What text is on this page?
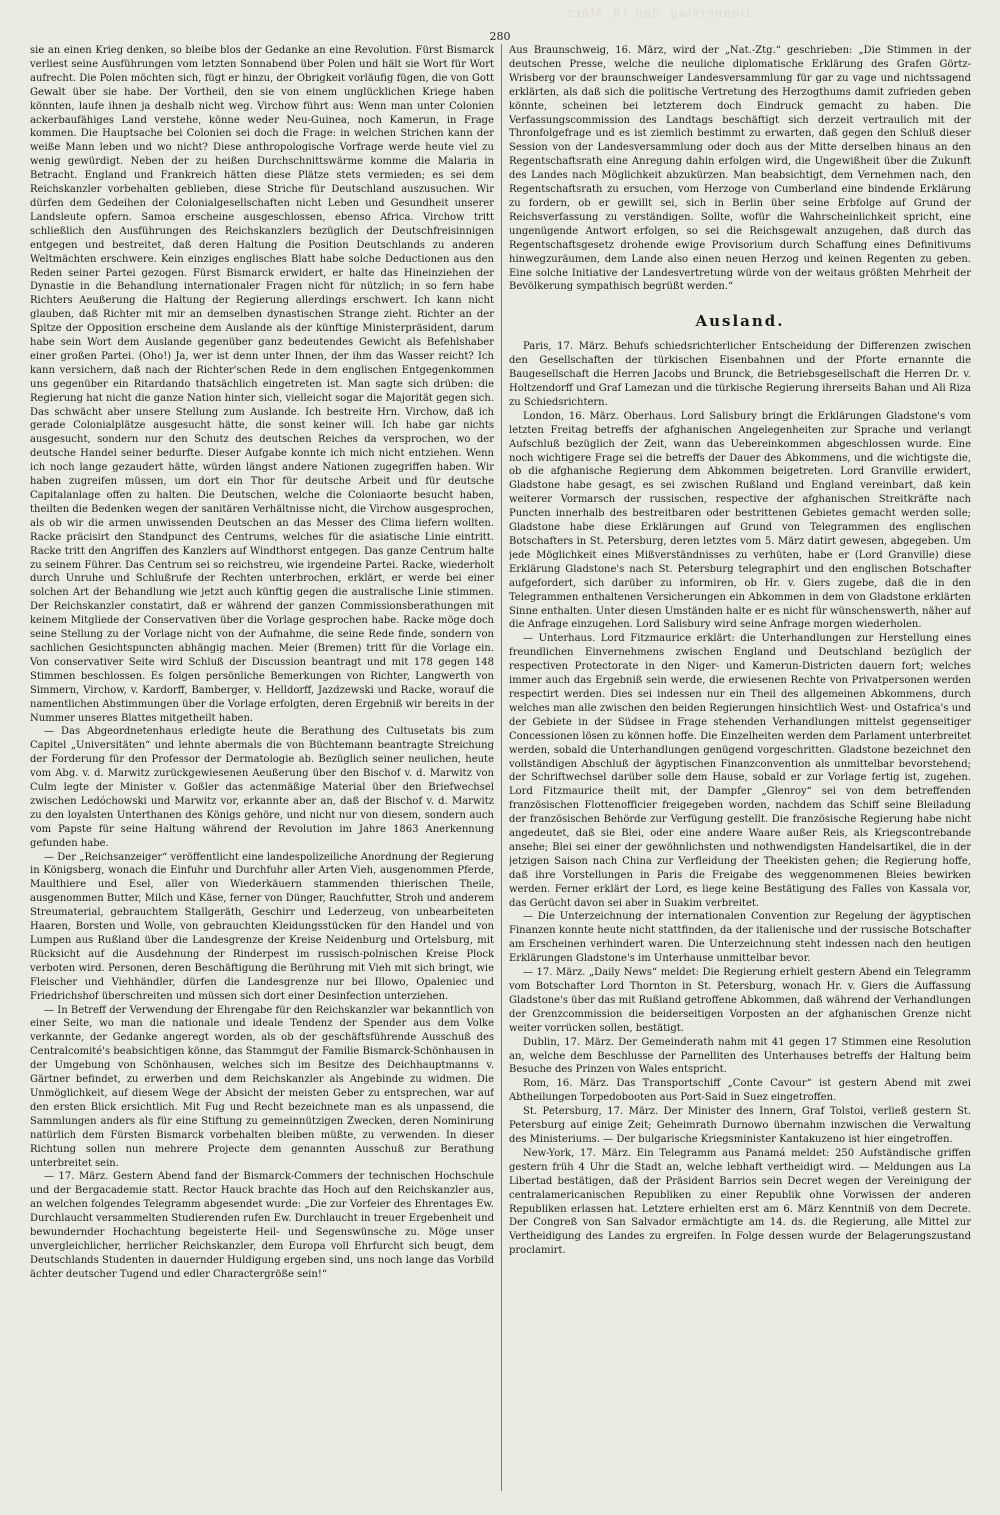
Donnerstag, den 18. März
280

sie an einen Krieg denken, so bleibe blos der Gedanke an eine Revolution. Fürst Bismarck verliest seine Ausführungen vom letzten Sonnabend über Polen und hält sie Wort für Wort aufrecht. Die Polen möchten sich, fügt er hinzu, der Obrigkeit vorläufig fügen, die von Gott Gewalt über sie habe. Der Vortheil, den sie von einem unglücklichen Kriege haben könnten, laufe ihnen ja deshalb nicht weg. Virchow führt aus: Wenn man unter Colonien ackerbaufähiges Land verstehe, könne weder Neu-Guinea, noch Kamerun, in Frage kommen. Die Hauptsache bei Colonien sei doch die Frage: in welchen Strichen kann der weiße Mann leben und wo nicht? Diese anthropologische Vorfrage werde heute viel zu wenig gewürdigt. Neben der zu heißen Durchschnittswärme komme die Malaria in Betracht. England und Frankreich hätten diese Plätze stets vermieden; es sei dem Reichskanzler vorbehalten geblieben, diese Striche für Deutschland auszusuchen. Wir dürfen dem Gedeihen der Colonialgesellschaften nicht Leben und Gesundheit unserer Landsleute opfern. Samoa erscheine ausgeschlossen, ebenso Africa. Virchow tritt schließlich den Ausführungen des Reichskanzlers bezüglich der Deutschfreisinnigen entgegen und bestreitet, daß deren Haltung die Position Deutschlands zu anderen Weltmächten erschwere. Kein einziges englisches Blatt habe solche Deductionen aus den Reden seiner Partei gezogen. Fürst Bismarck erwidert, er halte das Hineinziehen der Dynastie in die Behandlung internationaler Fragen nicht für nützlich; in so fern habe Richters Aeußerung die Haltung der Regierung allerdings erschwert. Ich kann nicht glauben, daß Richter mit mir an demselben dynastischen Strange zieht. Richter an der Spitze der Opposition erscheine dem Auslande als der künftige Ministerpräsident, darum habe sein Wort dem Auslande gegenüber ganz bedeutendes Gewicht als Befehlshaber einer großen Partei. (Oho!) Ja, wer ist denn unter Ihnen, der ihm das Wasser reicht? Ich kann versichern, daß nach der Richter'schen Rede in dem englischen Entgegenkommen uns gegenüber ein Ritardando thatsächlich eingetreten ist. Man sagte sich drüben: die Regierung hat nicht die ganze Nation hinter sich, vielleicht sogar die Majorität gegen sich. Das schwächt aber unsere Stellung zum Auslande. Ich bestreite Hrn. Virchow, daß ich gerade Colonialplätze ausgesucht hätte, die sonst keiner will. Ich habe gar nichts ausgesucht, sondern nur den Schutz des deutschen Reiches da versprochen, wo der deutsche Handel seiner bedurfte. Dieser Aufgabe konnte ich mich nicht entziehen. Wenn ich noch lange gezaudert hätte, würden längst andere Nationen zugegriffen haben. Wir haben zugreifen müssen, um dort ein Thor für deutsche Arbeit und für deutsche Capitalanlage offen zu halten. Die Deutschen, welche die Coloniaorte besucht haben, theilten die Bedenken wegen der sanitären Verhältnisse nicht, die Virchow ausgesprochen, als ob wir die armen unwissenden Deutschen an das Messer des Clima liefern wollten. Racke präcisirt den Standpunct des Centrums, welches für die asiatische Linie eintritt. Racke tritt den Angriffen des Kanzlers auf Windthorst entgegen. Das ganze Centrum halte zu seinem Führer. Das Centrum sei so reichstreu, wie irgendeine Partei. Racke, wiederholt durch Unruhe und Schlußrufe der Rechten unterbrochen, erklärt, er werde bei einer solchen Art der Behandlung wie jetzt auch künftig gegen die australische Linie stimmen. Der Reichskanzler constatirt, daß er während der ganzen Commissionsberathungen mit keinem Mitgliede der Conservativen über die Vorlage gesprochen habe. Racke möge doch seine Stellung zu der Vorlage nicht von der Aufnahme, die seine Rede finde, sondern von sachlichen Gesichtspuncten abhängig machen. Meier (Bremen) tritt für die Vorlage ein. Von conservativer Seite wird Schluß der Discussion beantragt und mit 178 gegen 148 Stimmen beschlossen. Es folgen persönliche Bemerkungen von Richter, Langwerth von Simmern, Virchow, v. Kardorff, Bamberger, v. Helldorff, Jazdzewski und Racke, worauf die namentlichen Abstimmungen über die Vorlage erfolgten, deren Ergebniß wir bereits in der Nummer unseres Blattes mitgetheilt haben.

— Das Abgeordnetenhaus erledigte heute die Berathung des Cultusetats bis zum Capitel „Universitäten“ und lehnte abermals die von Büchtemann beantragte Streichung der Forderung für den Professor der Dermatologie ab. Bezüglich seiner neulichen, heute vom Abg. v. d. Marwitz zurückgewiesenen Aeußerung über den Bischof v. d. Marwitz von Culm legte der Minister v. Goßler das actenmäßige Material über den Briefwechsel zwischen Ledóchowski und Marwitz vor, erkannte aber an, daß der Bischof v. d. Marwitz zu den loyalsten Unterthanen des Königs gehöre, und nicht nur von diesem, sondern auch vom Papste für seine Haltung während der Revolution im Jahre 1863 Anerkennung gefunden habe.

— Der „Reichsanzeiger“ veröffentlicht eine landespolizeiliche Anordnung der Regierung in Königsberg, wonach die Einfuhr und Durchfuhr aller Arten Vieh, ausgenommen Pferde, Maulthiere und Esel, aller von Wiederkäuern stammenden thierischen Theile, ausgenommen Butter, Milch und Käse, ferner von Dünger, Rauchfutter, Stroh und anderem Streumaterial, gebrauchtem Stallgeräth, Geschirr und Lederzeug, von unbearbeiteten Haaren, Borsten und Wolle, von gebrauchten Kleidungsstücken für den Handel und von Lumpen aus Rußland über die Landesgrenze der Kreise Neidenburg und Ortelsburg, mit Rücksicht auf die Ausdehnung der Rinderpest im russisch-polnischen Kreise Plock verboten wird. Personen, deren Beschäftigung die Berührung mit Vieh mit sich bringt, wie Fleischer und Viehhändler, dürfen die Landesgrenze nur bei Illowo, Opaleniec und Friedrichshof überschreiten und müssen sich dort einer Desinfection unterziehen.

— In Betreff der Verwendung der Ehrengabe für den Reichskanzler war bekanntlich von einer Seite, wo man die nationale und ideale Tendenz der Spender aus dem Volke verkannte, der Gedanke angeregt worden, als ob der geschäftsführende Ausschuß des Centralcomité's beabsichtigen könne, das Stammgut der Familie Bismarck-Schönhausen in der Umgebung von Schönhausen, welches sich im Besitze des Deichhauptmanns v. Gärtner befindet, zu erwerben und dem Reichskanzler als Angebinde zu widmen. Die Unmöglichkeit, auf diesem Wege der Absicht der meisten Geber zu entsprechen, war auf den ersten Blick ersichtlich. Mit Fug und Recht bezeichnete man es als unpassend, die Sammlungen anders als für eine Stiftung zu gemeinnützigen Zwecken, deren Nominirung natürlich dem Fürsten Bismarck vorbehalten bleiben müßte, zu verwenden. In dieser Richtung sollen nun mehrere Projecte dem genannten Ausschuß zur Berathung unterbreitet sein.

— 17. März. Gestern Abend fand der Bismarck-Commers der technischen Hochschule und der Bergacademie statt. Rector Hauck brachte das Hoch auf den Reichskanzler aus, an welchen folgendes Telegramm abgesendet wurde: „Die zur Vorfeier des Ehrentages Ew. Durchlaucht versammelten Studierenden rufen Ew. Durchlaucht in treuer Ergebenheit und bewundernder Hochachtung begeisterte Heil- und Segenswünsche zu. Möge unser unvergleichlicher, herrlicher Reichskanzler, dem Europa voll Ehrfurcht sich beugt, dem Deutschlands Studenten in dauernder Huldigung ergeben sind, uns noch lange das Vorbild ächter deutscher Tugend und edler Charactergröße sein!“

Aus Braunschweig, 16. März, wird der „Nat.-Ztg.“ geschrieben: „Die Stimmen in der deutschen Presse, welche die neuliche diplomatische Erklärung des Grafen Görtz-Wrisberg vor der braunschweiger Landesversammlung für gar zu vage und nichtssagend erklärten, als daß sich die politische Vertretung des Herzogthums damit zufrieden geben könnte, scheinen bei letzterem doch Eindruck gemacht zu haben. Die Verfassungscommission des Landtags beschäftigt sich derzeit vertraulich mit der Thronfolgefrage und es ist ziemlich bestimmt zu erwarten, daß gegen den Schluß dieser Session von der Landesversammlung oder doch aus der Mitte derselben hinaus an den Regentschaftsrath eine Anregung dahin erfolgen wird, die Ungewißheit über die Zukunft des Landes nach Möglichkeit abzukürzen. Man beabsichtigt, dem Vernehmen nach, den Regentschaftsrath zu ersuchen, vom Herzoge von Cumberland eine bindende Erklärung zu fordern, ob er gewillt sei, sich in Berlin über seine Erbfolge auf Grund der Reichsverfassung zu verständigen. Sollte, wofür die Wahrscheinlichkeit spricht, eine ungenügende Antwort erfolgen, so sei die Reichsgewalt anzugehen, daß durch das Regentschaftsgesetz drohende ewige Provisorium durch Schaffung eines Definitivums hinwegzuräumen, dem Lande also einen neuen Herzog und keinen Regenten zu geben. Eine solche Initiative der Landesvertretung würde von der weitaus größten Mehrheit der Bevölkerung sympathisch begrüßt werden.“

Ausland.

Paris, 17. März. Behufs schiedsrichterlicher Entscheidung der Differenzen zwischen den Gesellschaften der türkischen Eisenbahnen und der Pforte ernannte die Baugesellschaft die Herren Jacobs und Brunck, die Betriebsgesellschaft die Herren Dr. v. Holtzendorff und Graf Lamezan und die türkische Regierung ihrerseits Bahan und Ali Riza zu Schiedsrichtern.

London, 16. März. Oberhaus. Lord Salisbury bringt die Erklärungen Gladstone's vom letzten Freitag betreffs der afghanischen Angelegenheiten zur Sprache und verlangt Aufschluß bezüglich der Zeit, wann das Uebereinkommen abgeschlossen wurde. Eine noch wichtigere Frage sei die betreffs der Dauer des Abkommens, und die wichtigste die, ob die afghanische Regierung dem Abkommen beigetreten. Lord Granville erwidert, Gladstone habe gesagt, es sei zwischen Rußland und England vereinbart, daß kein weiterer Vormarsch der russischen, respective der afghanischen Streitkräfte nach Puncten innerhalb des bestreitbaren oder bestrittenen Gebietes gemacht werden solle; Gladstone habe diese Erklärungen auf Grund von Telegrammen des englischen Botschafters in St. Petersburg, deren letztes vom 5. März datirt gewesen, abgegeben. Um jede Möglichkeit eines Mißverständnisses zu verhüten, habe er (Lord Granville) diese Erklärung Gladstone's nach St. Petersburg telegraphirt und den englischen Botschafter aufgefordert, sich darüber zu informiren, ob Hr. v. Giers zugebe, daß die in den Telegrammen enthaltenen Versicherungen ein Abkommen in dem von Gladstone erklärten Sinne enthalten. Unter diesen Umständen halte er es nicht für wünschenswerth, näher auf die Anfrage einzugehen. Lord Salisbury wird seine Anfrage morgen wiederholen.

— Unterhaus. Lord Fitzmaurice erklärt: die Unterhandlungen zur Herstellung eines freundlichen Einvernehmens zwischen England und Deutschland bezüglich der respectiven Protectorate in den Niger- und Kamerun-Districten dauern fort; welches immer auch das Ergebniß sein werde, die erwiesenen Rechte von Privatpersonen werden respectirt werden. Dies sei indessen nur ein Theil des allgemeinen Abkommens, durch welches man alle zwischen den beiden Regierungen hinsichtlich West- und Ostafrica's und der Gebiete in der Südsee in Frage stehenden Verhandlungen mittelst gegenseitiger Concessionen lösen zu können hoffe. Die Einzelheiten werden dem Parlament unterbreitet werden, sobald die Unterhandlungen genügend vorgeschritten. Gladstone bezeichnet den vollständigen Abschluß der ägyptischen Finanzconvention als unmittelbar bevorstehend; der Schriftwechsel darüber solle dem Hause, sobald er zur Vorlage fertig ist, zugehen. Lord Fitzmaurice theilt mit, der Dampfer „Glenroy“ sei von dem betreffenden französischen Flottenofficier freigegeben worden, nachdem das Schiff seine Bleiladung der französischen Behörde zur Verfügung gestellt. Die französische Regierung habe nicht angedeutet, daß sie Blei, oder eine andere Waare außer Reis, als Kriegscontrebande ansehe; Blei sei einer der gewöhnlichsten und nothwendigsten Handelsartikel, die in der jetzigen Saison nach China zur Verfleidung der Theekisten gehen; die Regierung hoffe, daß ihre Vorstellungen in Paris die Freigabe des weggenommenen Bleies bewirken werden. Ferner erklärt der Lord, es liege keine Bestätigung des Falles von Kassala vor, das Gerücht davon sei aber in Suakim verbreitet.

— Die Unterzeichnung der internationalen Convention zur Regelung der ägyptischen Finanzen konnte heute nicht stattfinden, da der italienische und der russische Botschafter am Erscheinen verhindert waren. Die Unterzeichnung steht indessen nach den heutigen Erklärungen Gladstone's im Unterhause unmittelbar bevor.

— 17. März. „Daily News“ meldet: Die Regierung erhielt gestern Abend ein Telegramm vom Botschafter Lord Thornton in St. Petersburg, wonach Hr. v. Giers die Auffassung Gladstone's über das mit Rußland getroffene Abkommen, daß während der Verhandlungen der Grenzcommission die beiderseitigen Vorposten an der afghanischen Grenze nicht weiter vorrücken sollen, bestätigt.

Dublin, 17. März. Der Gemeinderath nahm mit 41 gegen 17 Stimmen eine Resolution an, welche dem Beschlusse der Parnelliten des Unterhauses betreffs der Haltung beim Besuche des Prinzen von Wales entspricht.

Rom, 16. März. Das Transportschiff „Conte Cavour“ ist gestern Abend mit zwei Abtheilungen Torpedobooten aus Port-Said in Suez eingetroffen.

St. Petersburg, 17. März. Der Minister des Innern, Graf Tolstoi, verließ gestern St. Petersburg auf einige Zeit; Geheimrath Durnowo übernahm inzwischen die Verwaltung des Ministeriums. — Der bulgarische Kriegsminister Kantakuzeno ist hier eingetroffen.

New-York, 17. März. Ein Telegramm aus Panamá meldet: 250 Aufständische griffen gestern früh 4 Uhr die Stadt an, welche lebhaft vertheidigt wird. — Meldungen aus La Libertad bestätigen, daß der Präsident Barrios sein Decret wegen der Vereinigung der centralamericanischen Republiken zu einer Republik ohne Vorwissen der anderen Republiken erlassen hat. Letztere erhielten erst am 6. März Kenntniß von dem Decrete. Der Congreß von San Salvador ermächtigte am 14. ds. die Regierung, alle Mittel zur Vertheidigung des Landes zu ergreifen. In Folge dessen wurde der Belagerungszustand proclamirt.
